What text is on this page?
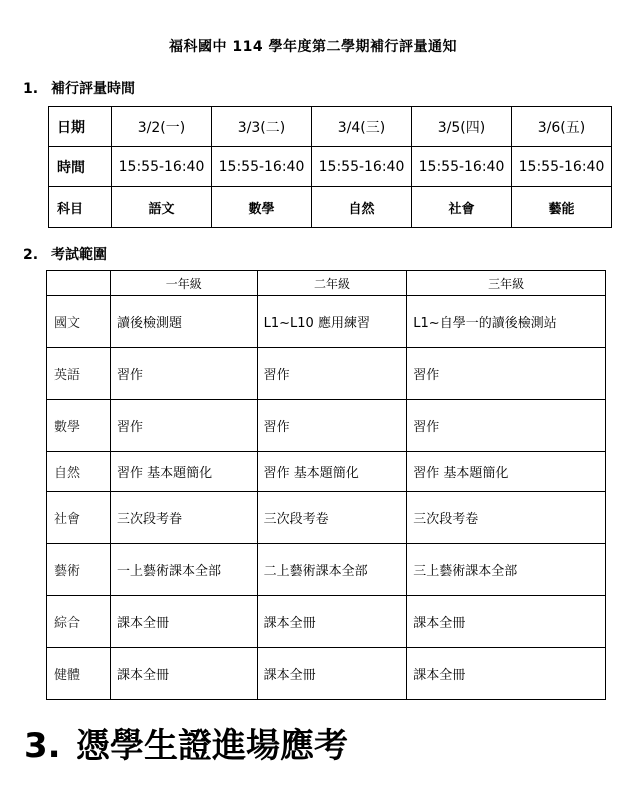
福科國中 114 學年度第二學期補行評量通知
1. 補行評量時間
日期	3/2(一)	3/3(二)	3/4(三)	3/5(四)	3/6(五)
時間	15:55-16:40	15:55-16:40	15:55-16:40	15:55-16:40	15:55-16:40
科目	語文	數學	自然	社會	藝能
2. 考試範圍
	一年級	二年級	三年級
國文	讀後檢測題	L1~L10 應用練習	L1~自學一的讀後檢測站
英語	習作	習作	習作
數學	習作	習作	習作
自然	習作 基本題簡化	習作 基本題簡化	習作 基本題簡化
社會	三次段考眷	三次段考卷	三次段考卷
藝術	一上藝術課本全部	二上藝術課本全部	三上藝術課本全部
綜合	課本全冊	課本全冊	課本全冊
健體	課本全冊	課本全冊	課本全冊
3. 憑學生證進場應考
